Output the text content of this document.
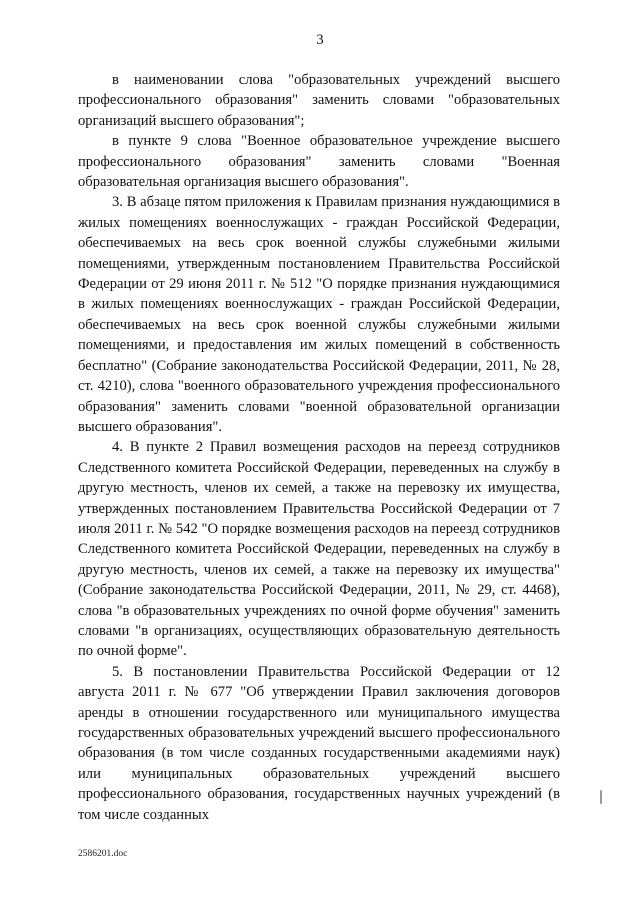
3

в наименовании слова "образовательных учреждений высшего профессионального образования" заменить словами "образовательных организаций высшего образования";

в пункте 9 слова "Военное образовательное учреждение высшего профессионального образования" заменить словами "Военная образовательная организация высшего образования".

3. В абзаце пятом приложения к Правилам признания нуждающимися в жилых помещениях военнослужащих - граждан Российской Федерации, обеспечиваемых на весь срок военной службы служебными жилыми помещениями, утвержденным постановлением Правительства Российской Федерации от 29 июня 2011 г. № 512 "О порядке признания нуждающимися в жилых помещениях военнослужащих - граждан Российской Федерации, обеспечиваемых на весь срок военной службы служебными жилыми помещениями, и предоставления им жилых помещений в собственность бесплатно" (Собрание законодательства Российской Федерации, 2011, № 28, ст. 4210), слова "военного образовательного учреждения профессионального образования" заменить словами "военной образовательной организации высшего образования".

4. В пункте 2 Правил возмещения расходов на переезд сотрудников Следственного комитета Российской Федерации, переведенных на службу в другую местность, членов их семей, а также на перевозку их имущества, утвержденных постановлением Правительства Российской Федерации от 7 июля 2011 г. № 542 "О порядке возмещения расходов на переезд сотрудников Следственного комитета Российской Федерации, переведенных на службу в другую местность, членов их семей, а также на перевозку их имущества" (Собрание законодательства Российской Федерации, 2011, № 29, ст. 4468), слова "в образовательных учреждениях по очной форме обучения" заменить словами "в организациях, осуществляющих образовательную деятельность по очной форме".

5. В постановлении Правительства Российской Федерации от 12 августа 2011 г. № 677 "Об утверждении Правил заключения договоров аренды в отношении государственного или муниципального имущества государственных образовательных учреждений высшего профессионального образования (в том числе созданных государственными академиями наук) или муниципальных образовательных учреждений высшего профессионального образования, государственных научных учреждений (в том числе созданных

2586201.doc
